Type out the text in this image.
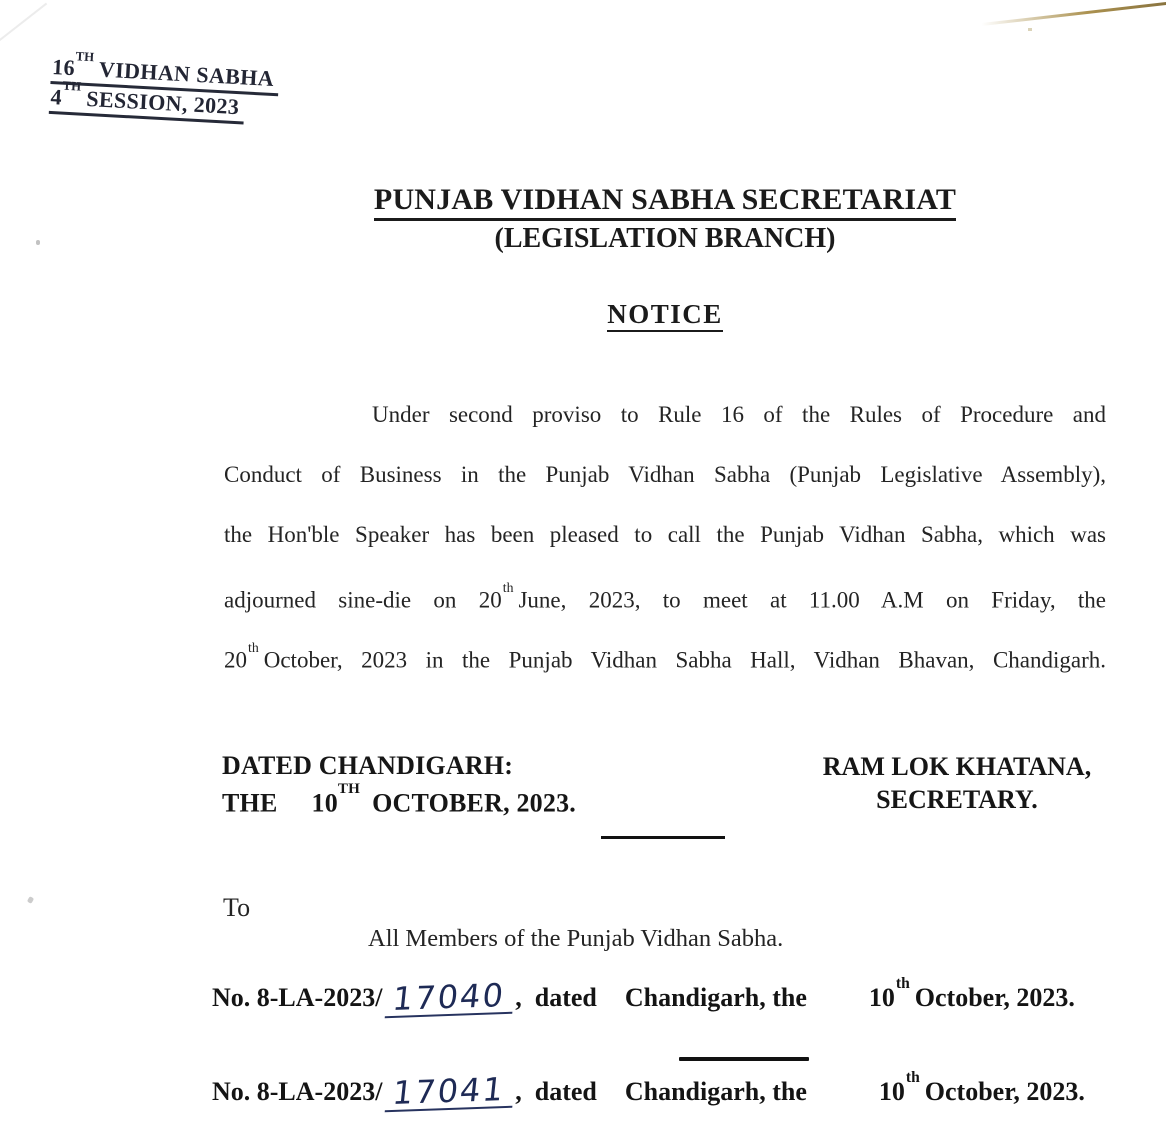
16TH VIDHAN SABHA
4TH SESSION, 2023
PUNJAB VIDHAN SABHA SECRETARIAT
(LEGISLATION BRANCH)
NOTICE
Under second proviso to Rule 16 of the Rules of Procedure and
Conduct of Business in the Punjab Vidhan Sabha (Punjab Legislative Assembly),
the Hon'ble Speaker has been pleased to call the Punjab Vidhan Sabha, which was
adjourned sine-die on 20thJune, 2023, to meet at 11.00 A.M on Friday, the
20thOctober, 2023 in the Punjab Vidhan Sabha Hall, Vidhan Bhavan, Chandigarh.
DATED CHANDIGARH:
THE 10TH OCTOBER, 2023.
RAM LOK KHATANA,
SECRETARY.
To
All Members of the Punjab Vidhan Sabha.
No. 8-LA-2023/ 17040 , dated Chandigarh, the 10th October, 2023.
No. 8-LA-2023/ 17041 , dated Chandigarh, the	10th October, 2023.
